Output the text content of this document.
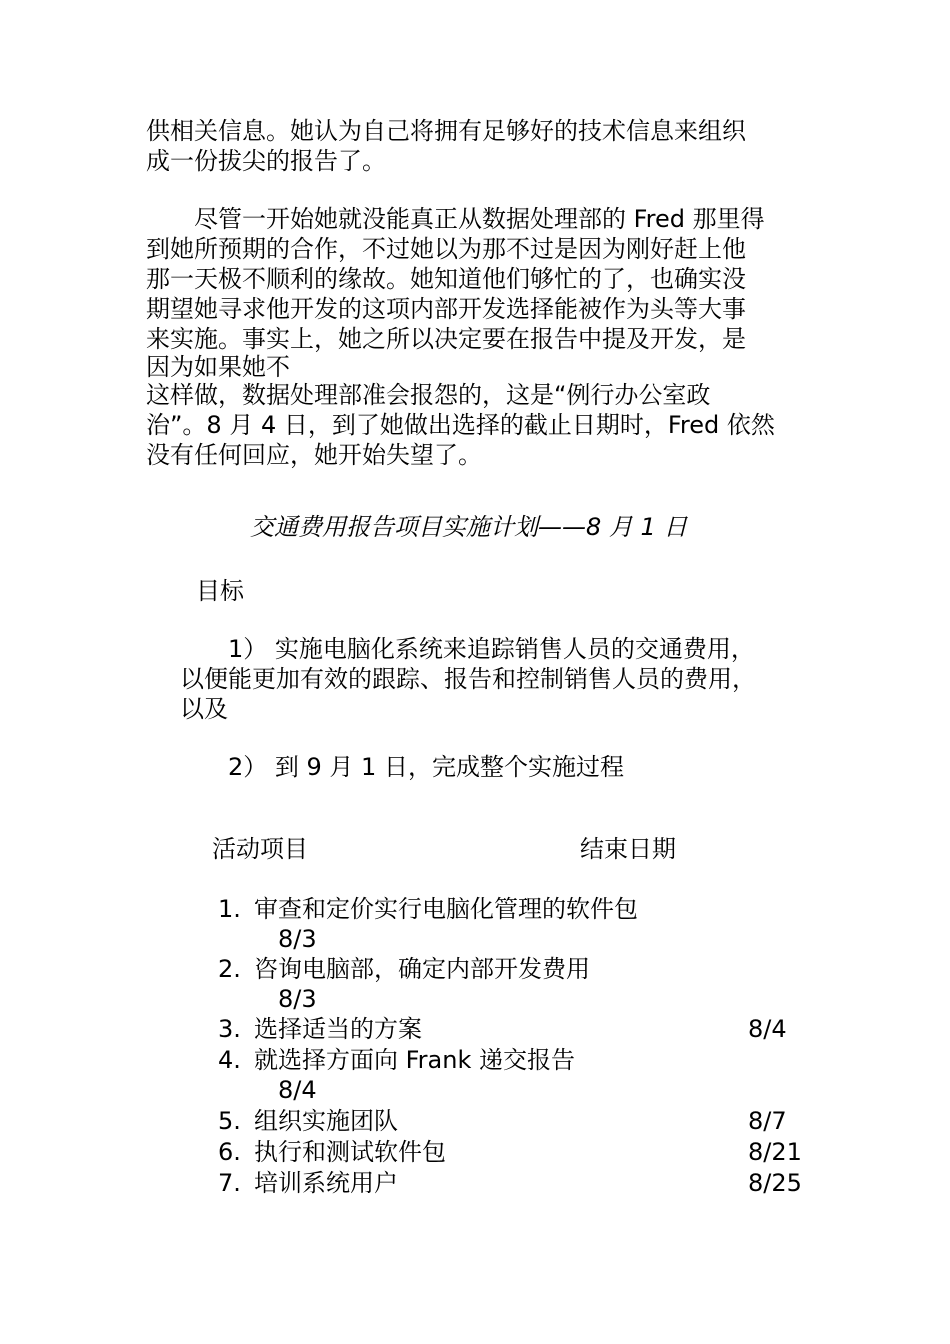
供相关信息。她认为自己将拥有足够好的技术信息来组织
成一份拔尖的报告了。
尽管一开始她就没能真正从数据处理部的 Fred 那里得
到她所预期的合作，不过她以为那不过是因为刚好赶上他
那一天极不顺利的缘故。她知道他们够忙的了，也确实没
期望她寻求他开发的这项内部开发选择能被作为头等大事
来实施。事实上，她之所以决定要在报告中提及开发，是
因为如果她不
这样做，数据处理部准会报怨的，这是“例行办公室政
治”。8 月 4 日，到了她做出选择的截止日期时，Fred 依然
没有任何回应，她开始失望了。
交通费用报告项目实施计划——8 月 1 日
目标
1） 实施电脑化系统来追踪销售人员的交通费用，
以便能更加有效的跟踪、报告和控制销售人员的费用，
以及
2） 到 9 月 1 日，完成整个实施过程
活动项目	结束日期
1. 审查和定价实行电脑化管理的软件包
8/3
2. 咨询电脑部，确定内部开发费用
8/3
3. 选择适当的方案	8/4
4. 就选择方面向 Frank 递交报告
8/4
5. 组织实施团队	8/7
6. 执行和测试软件包	8/21
7. 培训系统用户	8/25
